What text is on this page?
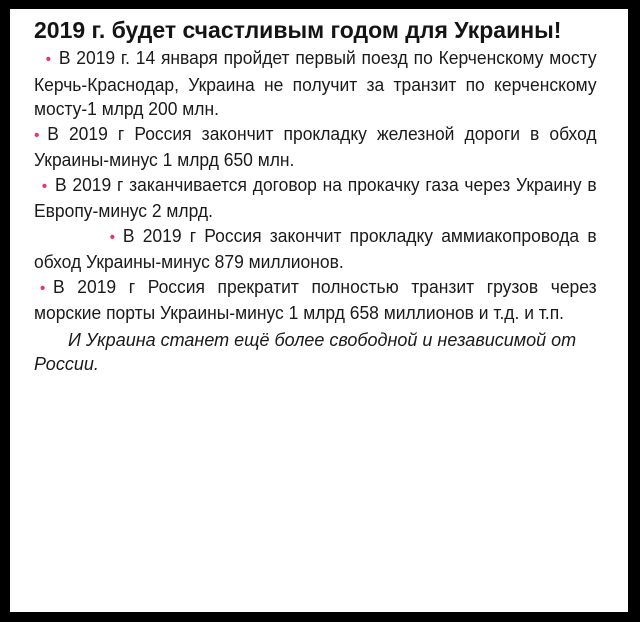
2019 г. будет счастливым годом для Украины!

• В 2019 г. 14 января пройдет первый поезд по Керченскому мосту Керчь-Краснодар, Украина не получит за транзит по керченскому мосту-1 млрд 200 млн.

• В 2019 г Россия закончит прокладку железной дороги в обход Украины-минус 1 млрд 650 млн.

• В 2019 г заканчивается договор на прокачку газа через Украину в Европу-минус 2 млрд.

• В 2019 г Россия закончит прокладку аммиакопровода в обход Украины-минус 879 миллионов.

• В 2019 г Россия прекратит полностью транзит грузов через морские порты Украины-минус 1 млрд 658 миллионов и т.д. и т.п.

И Украина станет ещё более свободной и независимой от России.
